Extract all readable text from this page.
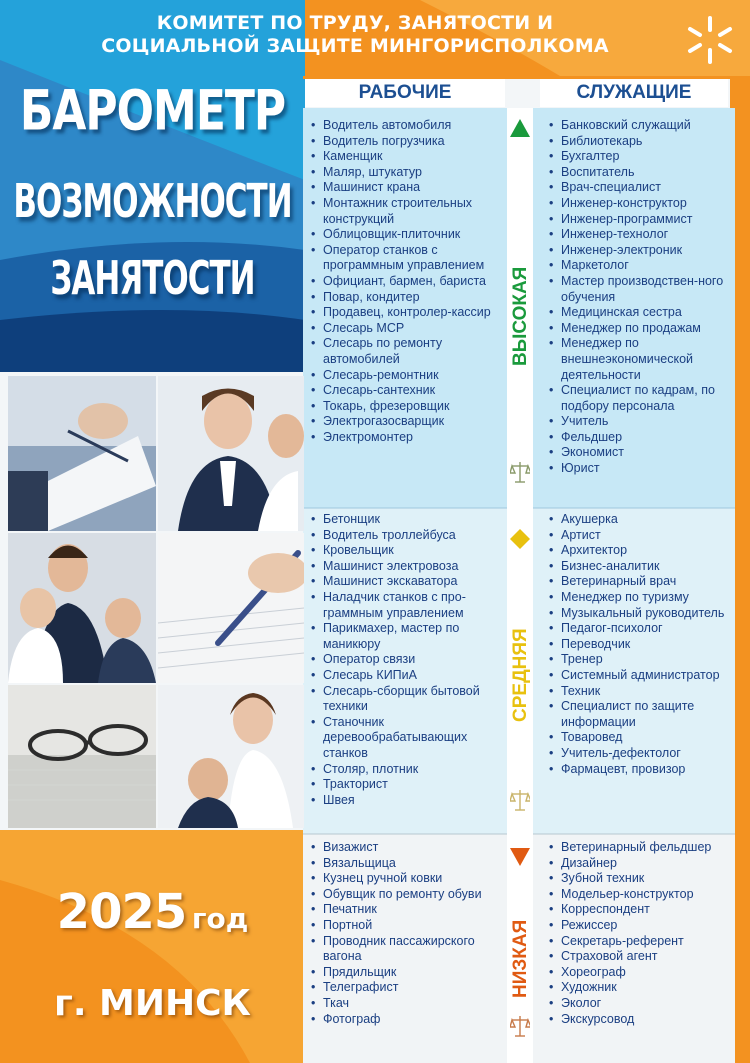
КОМИТЕТ ПО ТРУДУ, ЗАНЯТОСТИ И
СОЦИАЛЬНОЙ ЗАЩИТЕ МИНГОРИСПОЛКОМА
БАРОМЕТР
ВОЗМОЖНОСТИ
ЗАНЯТОСТИ
2025 год
г. МИНСК
РАБОЧИЕ	СЛУЖАЩИЕ
ВЫСОКАЯ
• Водитель автомобиля
• Водитель погрузчика
• Каменщик
• Маляр, штукатур
• Машинист крана
• Монтажник строительных конструкций
• Облицовщик-плиточник
• Оператор станков с программным управлением
• Официант, бармен, бариста
• Повар, кондитер
• Продавец, контролер-кассир
• Слесарь МСР
• Слесарь по ремонту автомобилей
• Слесарь-ремонтник
• Слесарь-сантехник
• Токарь, фрезеровщик
• Электрогазосварщик
• Электромонтер
• Банковский служащий
• Библиотекарь
• Бухгалтер
• Воспитатель
• Врач-специалист
• Инженер-конструктор
• Инженер-программист
• Инженер-технолог
• Инженер-электроник
• Маркетолог
• Мастер производствен-ного обучения
• Медицинская сестра
• Менеджер по продажам
• Менеджер по внешнеэкономической деятельности
• Специалист по кадрам, по подбору персонала
• Учитель
• Фельдшер
• Экономист
• Юрист
СРЕДНЯЯ
• Бетонщик
• Водитель троллейбуса
• Кровельщик
• Машинист электровоза
• Машинист экскаватора
• Наладчик станков с про-граммным управлением
• Парикмахер, мастер по маникюру
• Оператор связи
• Слесарь КИПиА
• Слесарь-сборщик бытовой техники
• Станочник деревообрабатывающих станков
• Столяр, плотник
• Тракторист
• Швея
• Акушерка
• Артист
• Архитектор
• Бизнес-аналитик
• Ветеринарный врач
• Менеджер по туризму
• Музыкальный руководитель
• Педагог-психолог
• Переводчик
• Тренер
• Системный администратор
• Техник
• Специалист по защите информации
• Товаровед
• Учитель-дефектолог
• Фармацевт, провизор
НИЗКАЯ
• Визажист
• Вязальщица
• Кузнец ручной ковки
• Обувщик по ремонту обуви
• Печатник
• Портной
• Проводник пассажирского вагона
• Прядильщик
• Телеграфист
• Ткач
• Фотограф
• Ветеринарный фельдшер
• Дизайнер
• Зубной техник
• Модельер-конструктор
• Корреспондент
• Режиссер
• Секретарь-референт
• Страховой агент
• Хореограф
• Художник
• Эколог
• Экскурсовод
